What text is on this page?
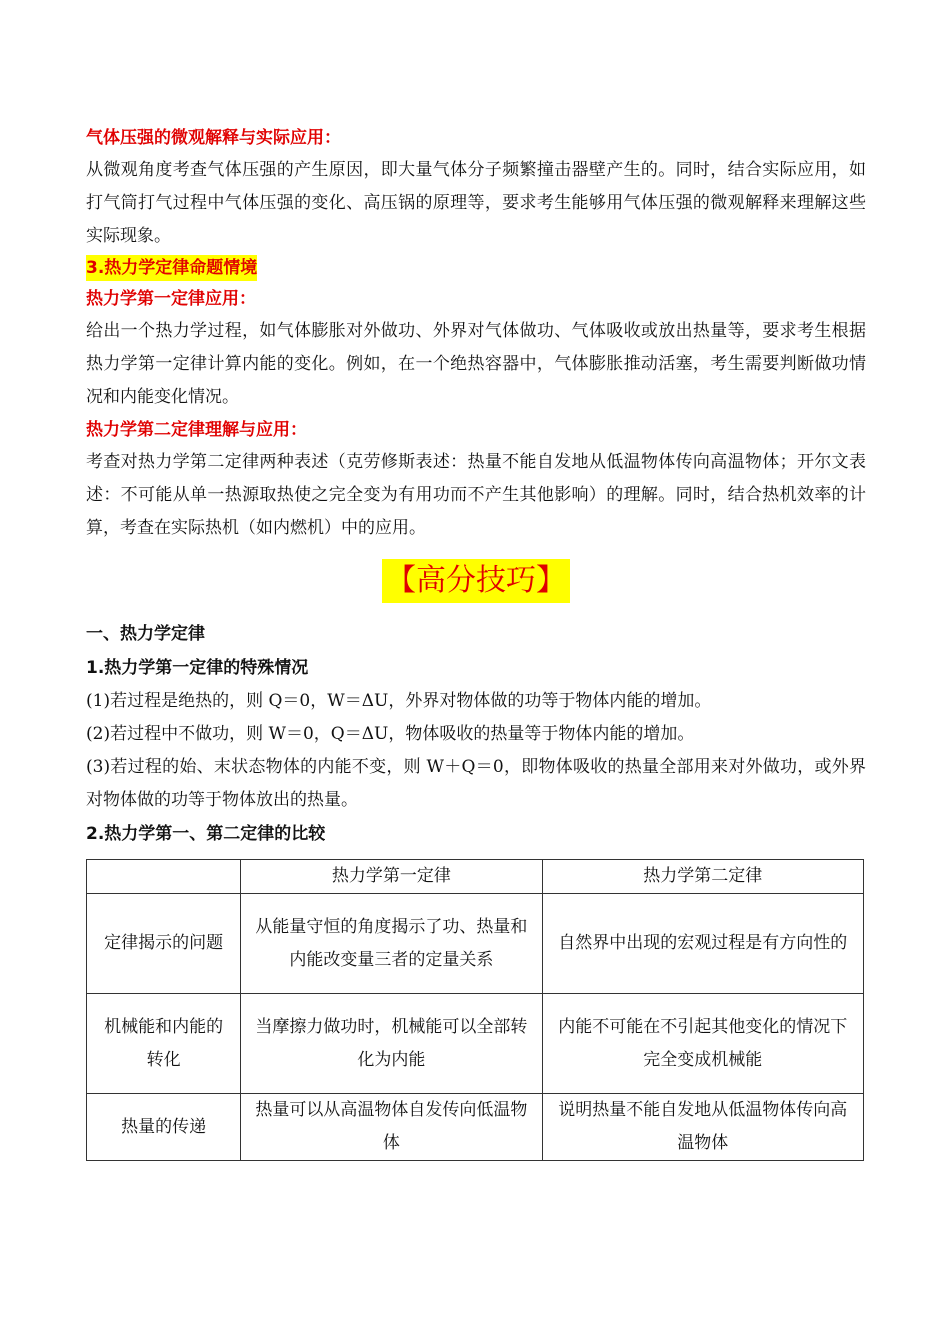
气体压强的微观解释与实际应用：

从微观角度考查气体压强的产生原因，即大量气体分子频繁撞击器壁产生的。同时，结合实际应用，如打气筒打气过程中气体压强的变化、高压锅的原理等，要求考生能够用气体压强的微观解释来理解这些实际现象。

3.热力学定律命题情境

热力学第一定律应用：

给出一个热力学过程，如气体膨胀对外做功、外界对气体做功、气体吸收或放出热量等，要求考生根据热力学第一定律计算内能的变化。例如，在一个绝热容器中，气体膨胀推动活塞，考生需要判断做功情况和内能变化情况。

热力学第二定律理解与应用：

考查对热力学第二定律两种表述（克劳修斯表述：热量不能自发地从低温物体传向高温物体；开尔文表述：不可能从单一热源取热使之完全变为有用功而不产生其他影响）的理解。同时，结合热机效率的计算，考查在实际热机（如内燃机）中的应用。

【高分技巧】

一、热力学定律

1.热力学第一定律的特殊情况

(1)若过程是绝热的，则 Q＝0，W＝ΔU，外界对物体做的功等于物体内能的增加。

(2)若过程中不做功，则 W＝0，Q＝ΔU，物体吸收的热量等于物体内能的增加。

(3)若过程的始、末状态物体的内能不变，则 W＋Q＝0，即物体吸收的热量全部用来对外做功，或外界对物体做的功等于物体放出的热量。

2.热力学第一、第二定律的比较

	热力学第一定律	热力学第二定律
定律揭示的问题	从能量守恒的角度揭示了功、热量和内能改变量三者的定量关系	自然界中出现的宏观过程是有方向性的
机械能和内能的转化	当摩擦力做功时，机械能可以全部转化为内能	内能不可能在不引起其他变化的情况下完全变成机械能
热量的传递	热量可以从高温物体自发传向低温物体	说明热量不能自发地从低温物体传向高温物体
